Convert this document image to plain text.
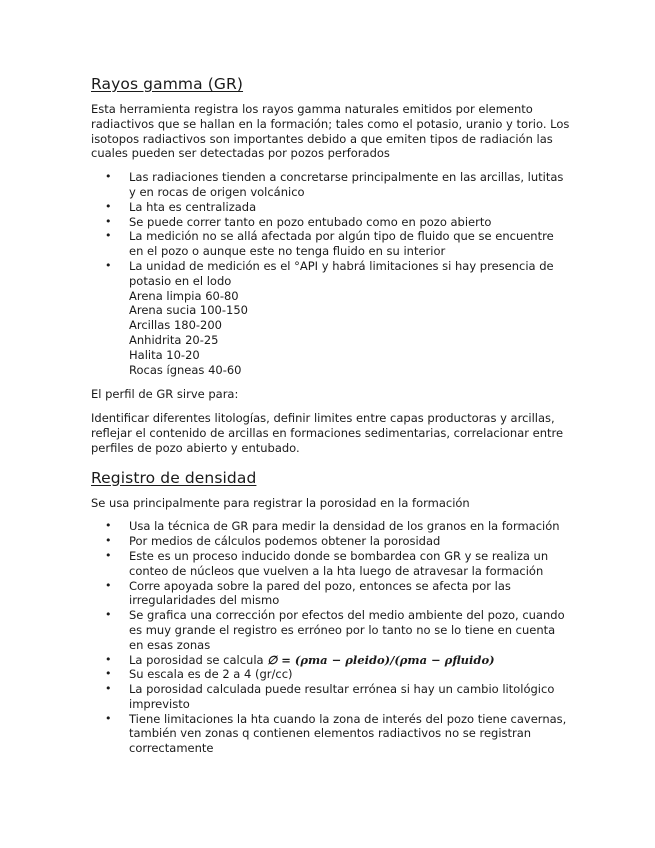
Rayos gamma (GR)

Esta herramienta registra los rayos gamma naturales emitidos por elemento radiactivos que se hallan en la formación; tales como el potasio, uranio y torio. Los isotopos radiactivos son importantes debido a que emiten tipos de radiación las cuales pueden ser detectadas por pozos perforados

• Las radiaciones tienden a concretarse principalmente en las arcillas, lutitas y en rocas de origen volcánico
• La hta es centralizada
• Se puede correr tanto en pozo entubado como en pozo abierto
• La medición no se allá afectada por algún tipo de fluido que se encuentre en el pozo o aunque este no tenga fluido en su interior
• La unidad de medición es el °API y habrá limitaciones si hay presencia de potasio en el lodo
Arena limpia 60-80
Arena sucia 100-150
Arcillas 180-200
Anhidrita 20-25
Halita 10-20
Rocas ígneas 40-60

El perfil de GR sirve para:

Identificar diferentes litologías, definir limites entre capas productoras y arcillas, reflejar el contenido de arcillas en formaciones sedimentarias, correlacionar entre perfiles de pozo abierto y entubado.

Registro de densidad

Se usa principalmente para registrar la porosidad en la formación

• Usa la técnica de GR para medir la densidad de los granos en la formación
• Por medios de cálculos podemos obtener la porosidad
• Este es un proceso inducido donde se bombardea con GR y se realiza un conteo de núcleos que vuelven a la hta luego de atravesar la formación
• Corre apoyada sobre la pared del pozo, entonces se afecta por las irregularidades del mismo
• Se grafica una corrección por efectos del medio ambiente del pozo, cuando es muy grande el registro es erróneo por lo tanto no se lo tiene en cuenta en esas zonas
• La porosidad se calcula ∅ = (ρma − ρleido)/(ρma − ρfluido)
• Su escala es de 2 a 4 (gr/cc)
• La porosidad calculada puede resultar errónea si hay un cambio litológico imprevisto
• Tiene limitaciones la hta cuando la zona de interés del pozo tiene cavernas, también ven zonas q contienen elementos radiactivos no se registran correctamente
